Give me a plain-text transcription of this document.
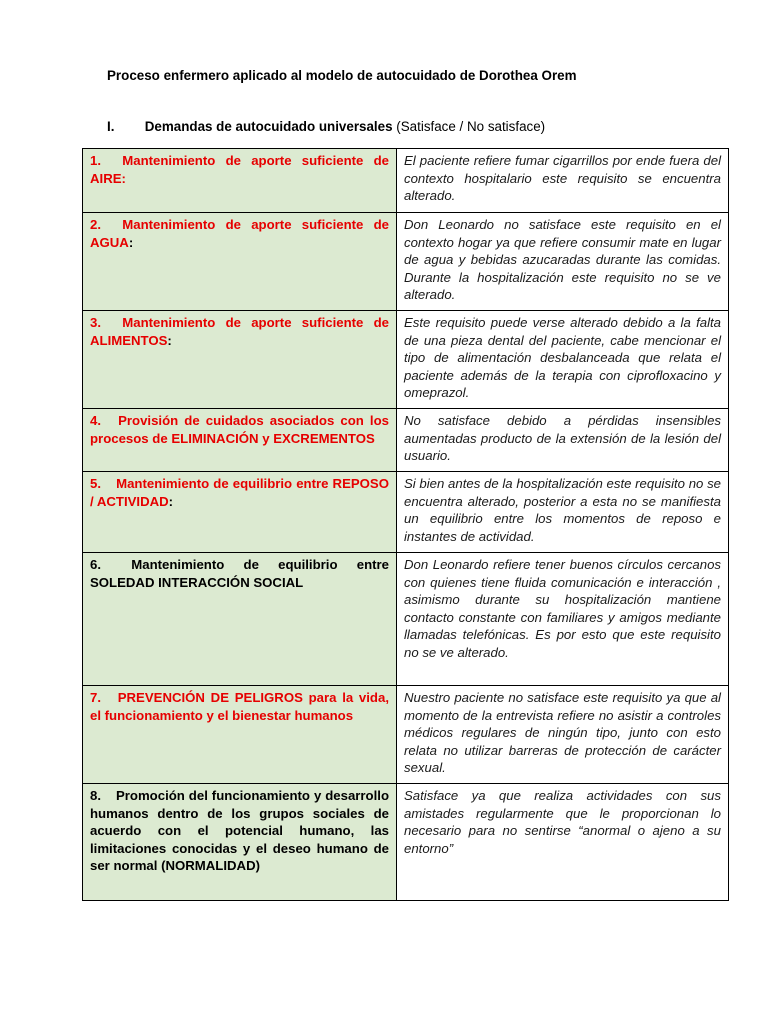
Proceso enfermero aplicado al modelo de autocuidado de Dorothea Orem
I. Demandas de autocuidado universales (Satisface / No satisface)
1. Mantenimiento de aporte suficiente de AIRE:	El paciente refiere fumar cigarrillos por ende fuera del contexto hospitalario este requisito se encuentra alterado.
2. Mantenimiento de aporte suficiente de AGUA:	Don Leonardo no satisface este requisito en el contexto hogar ya que refiere consumir mate en lugar de agua y bebidas azucaradas durante las comidas. Durante la hospitalización este requisito no se ve alterado.
3. Mantenimiento de aporte suficiente de ALIMENTOS:	Este requisito puede verse alterado debido a la falta de una pieza dental del paciente, cabe mencionar el tipo de alimentación desbalanceada que relata el paciente además de la terapia con ciprofloxacino y omeprazol.
4. Provisión de cuidados asociados con los procesos de ELIMINACIÓN y EXCREMENTOS	No satisface debido a pérdidas insensibles aumentadas producto de la extensión de la lesión del usuario.
5. Mantenimiento de equilibrio entre REPOSO / ACTIVIDAD:	Si bien antes de la hospitalización este requisito no se encuentra alterado, posterior a esta no se manifiesta un equilibrio entre los momentos de reposo e instantes de actividad.
6. Mantenimiento de equilibrio entre SOLEDAD INTERACCIÓN SOCIAL	Don Leonardo refiere tener buenos círculos cercanos con quienes tiene fluida comunicación e interacción , asimismo durante su hospitalización mantiene contacto constante con familiares y amigos mediante llamadas telefónicas. Es por esto que este requisito no se ve alterado.
7. PREVENCIÓN DE PELIGROS para la vida, el funcionamiento y el bienestar humanos	Nuestro paciente no satisface este requisito ya que al momento de la entrevista refiere no asistir a controles médicos regulares de ningún tipo, junto con esto relata no utilizar barreras de protección de carácter sexual.
8. Promoción del funcionamiento y desarrollo humanos dentro de los grupos sociales de acuerdo con el potencial humano, las limitaciones conocidas y el deseo humano de ser normal (NORMALIDAD)	Satisface ya que realiza actividades con sus amistades regularmente que le proporcionan lo necesario para no sentirse “anormal o ajeno a su entorno”
